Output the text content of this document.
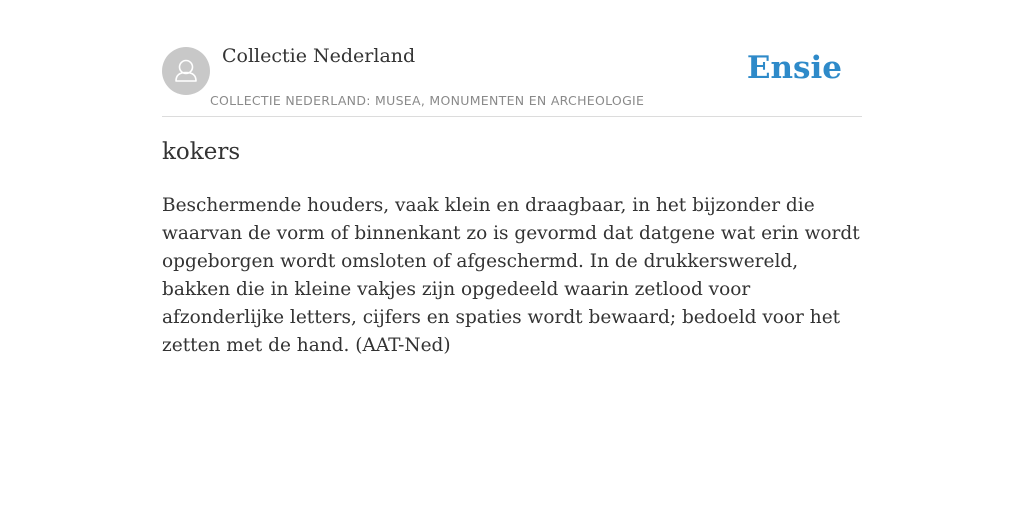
Collectie Nederland
COLLECTIE NEDERLAND: MUSEA, MONUMENTEN EN ARCHEOLOGIE
Ensie
kokers

Beschermende houders, vaak klein en draagbaar, in het bijzonder die waarvan de vorm of binnenkant zo is gevormd dat datgene wat erin wordt opgeborgen wordt omsloten of afgeschermd. In de drukkerswereld, bakken die in kleine vakjes zijn opgedeeld waarin zetlood voor afzonderlijke letters, cijfers en spaties wordt bewaard; bedoeld voor het zetten met de hand. (AAT-Ned)
